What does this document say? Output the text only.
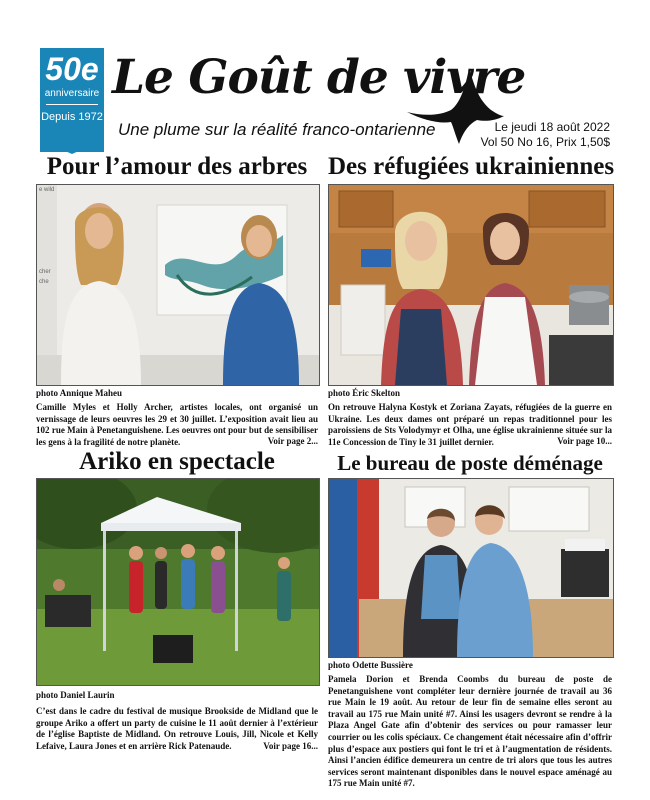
50e
anniversaire
Depuis 1972
Le Goût de vivre
Une plume sur la réalité franco-ontarienne	Le jeudi 18 août 2022
Vol 50 No 16, Prix 1,50$
Pour l’amour des arbres
e wild
cher
che
photo Annique Maheu
Camille Myles et Holly Archer, artistes locales, ont organisé un vernissage de leurs oeuvres les 29 et 30 juillet. L’exposition avait lieu au 102 rue Main à Penetanguishene. Les oeuvres ont pour but de sensibiliser les gens à la fragilité de notre planète.	Voir page 2...
Des réfugiées ukrainiennes
photo Éric Skelton
On retrouve Halyna Kostyk et Zoriana Zayats, réfugiées de la guerre en Ukraine. Les deux dames ont préparé un repas traditionnel pour les paroissiens de Sts Volodymyr et Olha, une église ukrainienne située sur la 11e Concession de Tiny le 31 juillet dernier.	Voir page 10...
Ariko en spectacle
photo Daniel Laurin
C’est dans le cadre du festival de musique Brookside de Midland que le groupe Ariko a offert un party de cuisine le 11 août dernier à l’extérieur de l’église Baptiste de Midland. On retrouve Louis, Jill, Nicole et Kelly Lefaive, Laura Jones et en arrière Rick Patenaude.	Voir page 16...
Le bureau de poste déménage
photo Odette Bussière
Pamela Dorion et Brenda Coombs du bureau de poste de Penetanguishene vont compléter leur dernière journée de travail au 36 rue Main le 19 août. Au retour de leur fin de semaine elles seront au travail au 175 rue Main unité #7. Ainsi les usagers devront se rendre à la Plaza Angel Gate afin d’obtenir des services ou pour ramasser leur courrier ou les colis spéciaux. Ce changement était nécessaire afin d’offrir plus d’espace aux postiers qui font le tri et à l’augmentation de résidents. Ainsi l’ancien édifice demeurera un centre de tri alors que tous les autres services seront maintenant disponibles dans le nouvel espace aménagé au 175 rue Main unité #7.
